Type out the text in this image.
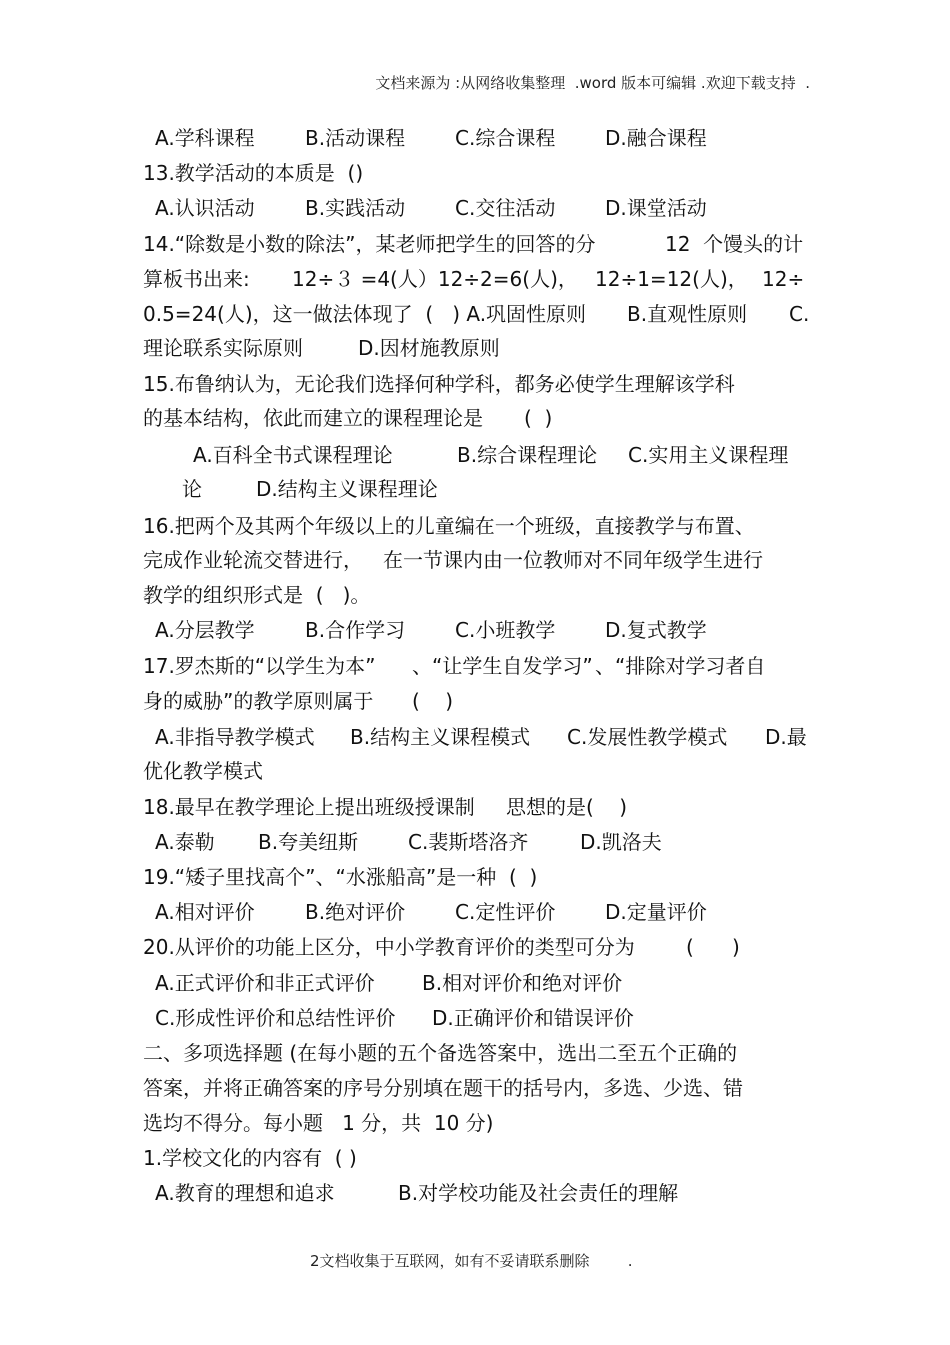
文档来源为 :从网络收集整理  .word 版本可编辑 .欢迎下载支持  .
A.学科课程	B.活动课程 C.综合课程 D.融合课程
13.教学活动的本质是  ()
A.认识活动	B.实践活动 C.交往活动 D.课堂活动
14.“除数是小数的除法”，某老师把学生的回答的分	12  个馒头的计
算板书出来: 12÷３ =4(人）12÷2=6(人)， 12÷1=12(人)， 12÷
0.5=24(人)，这一做法体现了  (   ) A.巩固性原则 B.直观性原则 C.
理论联系实际原则	D.因材施教原则
15.布鲁纳认为，无论我们选择何种学科，都务必使学生理解该学科
的基本结构，依此而建立的课程理论是 (  )
A.百科全书式课程理论	B.综合课程理论 C.实用主义课程理
论	D.结构主义课程理论
16.把两个及其两个年级以上的儿童编在一个班级，直接教学与布置、
完成作业轮流交替进行， 在一节课内由一位教师对不同年级学生进行
教学的组织形式是  (   )。
A.分层教学	B.合作学习 C.小班教学 D.复式教学
17.罗杰斯的“以学生为本” 、“让学生自发学习” 、“排除对学习者自
身的威胁”的教学原则属于 (    )
A.非指导教学模式 B.结构主义课程模式 C.发展性教学模式 D.最
优化教学模式
18.最早在教学理论上提出班级授课制 思想的是(    )
A.泰勒 B.夸美纽斯 C.裴斯塔洛齐	D.凯洛夫
19.“矮子里找高个”、“水涨船高”是一种  (  )
A.相对评价	B.绝对评价 C.定性评价 D.定量评价
20.从评价的功能上区分，中小学教育评价的类型可分为	(      )
A.正式评价和非正式评价 B.相对评价和绝对评价
C.形成性评价和总结性评价 D.正确评价和错误评价
二、多项选择题 (在每小题的五个备选答案中，选出二至五个正确的
答案，并将正确答案的序号分别填在题干的括号内，多选、少选、错
选均不得分。每小题   1 分，共  10 分)
1.学校文化的内容有  ( )
A.教育的理想和追求	B.对学校功能及社会责任的理解
2文档收集于互联网，如有不妥请联系删除        .
